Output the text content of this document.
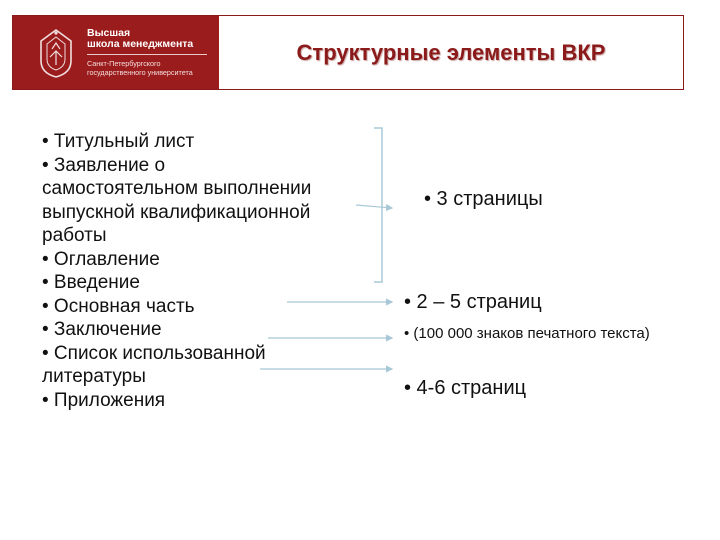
Высшая
школа менеджмента
Санкт-Петербургского
государственного университета
Структурные элементы ВКР
• Титульный лист
• Заявление о
самостоятельном выполнении
выпускной квалификационной
работы
• Оглавление
• Введение
• Основная часть
• Заключение
• Список использованной
литературы
• Приложения
• 3 страницы
• 2 – 5 страниц
• (100 000 знаков печатного текста)
• 4-6 страниц
